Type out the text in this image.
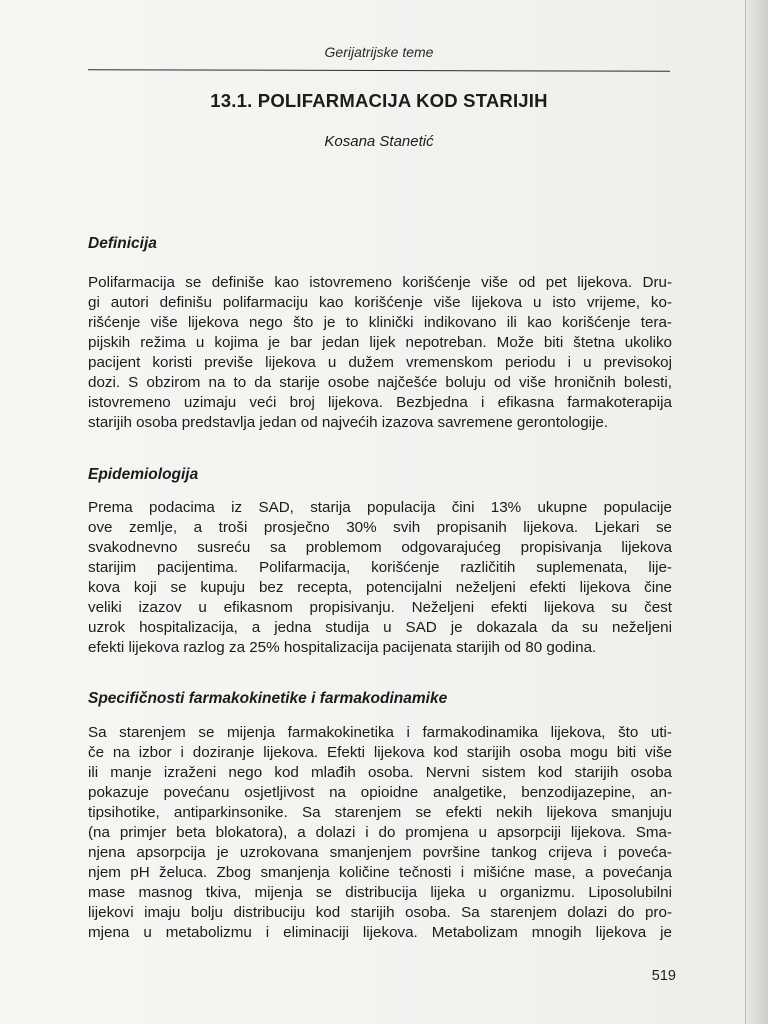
Gerijatrijske teme
13.1. POLIFARMACIJA KOD STARIJIH
Kosana Stanetić
Definicija
Polifarmacija se definiše kao istovremeno korišćenje više od pet lijekova. Dru-
gi autori definišu polifarmaciju kao korišćenje više lijekova u isto vrijeme, ko-
rišćenje više lijekova nego što je to klinički indikovano ili kao korišćenje tera-
pijskih režima u kojima je bar jedan lijek nepotreban. Može biti štetna ukoliko
pacijent koristi previše lijekova u dužem vremenskom periodu i u previsokoj
dozi. S obzirom na to da starije osobe najčešće boluju od više hroničnih bolesti,
istovremeno uzimaju veći broj lijekova. Bezbjedna i efikasna farmakoterapija
starijih osoba predstavlja jedan od najvećih izazova savremene gerontologije.
Epidemiologija
Prema podacima iz SAD, starija populacija čini 13% ukupne populacije
ove zemlje, a troši prosječno 30% svih propisanih lijekova. Ljekari se
svakodnevno susreću sa problemom odgovarajućeg propisivanja lijekova
starijim pacijentima. Polifarmacija, korišćenje različitih suplemenata, lije-
kova koji se kupuju bez recepta, potencijalni neželjeni efekti lijekova čine
veliki izazov u efikasnom propisivanju. Neželjeni efekti lijekova su čest
uzrok hospitalizacija, a jedna studija u SAD je dokazala da su neželjeni
efekti lijekova razlog za 25% hospitalizacija pacijenata starijih od 80 godina.
Specifičnosti farmakokinetike i farmakodinamike
Sa starenjem se mijenja farmakokinetika i farmakodinamika lijekova, što uti-
če na izbor i doziranje lijekova. Efekti lijekova kod starijih osoba mogu biti više
ili manje izraženi nego kod mlađih osoba. Nervni sistem kod starijih osoba
pokazuje povećanu osjetljivost na opioidne analgetike, benzodijazepine, an-
tipsihotike, antiparkinsonike. Sa starenjem se efekti nekih lijekova smanjuju
(na primjer beta blokatora), a dolazi i do promjena u apsorpciji lijekova. Sma-
njena apsorpcija je uzrokovana smanjenjem površine tankog crijeva i poveća-
njem pH želuca. Zbog smanjenja količine tečnosti i mišićne mase, a povećanja
mase masnog tkiva, mijenja se distribucija lijeka u organizmu. Liposolubilni
lijekovi imaju bolju distribuciju kod starijih osoba. Sa starenjem dolazi do pro-
mjena u metabolizmu i eliminaciji lijekova. Metabolizam mnogih lijekova je
519
